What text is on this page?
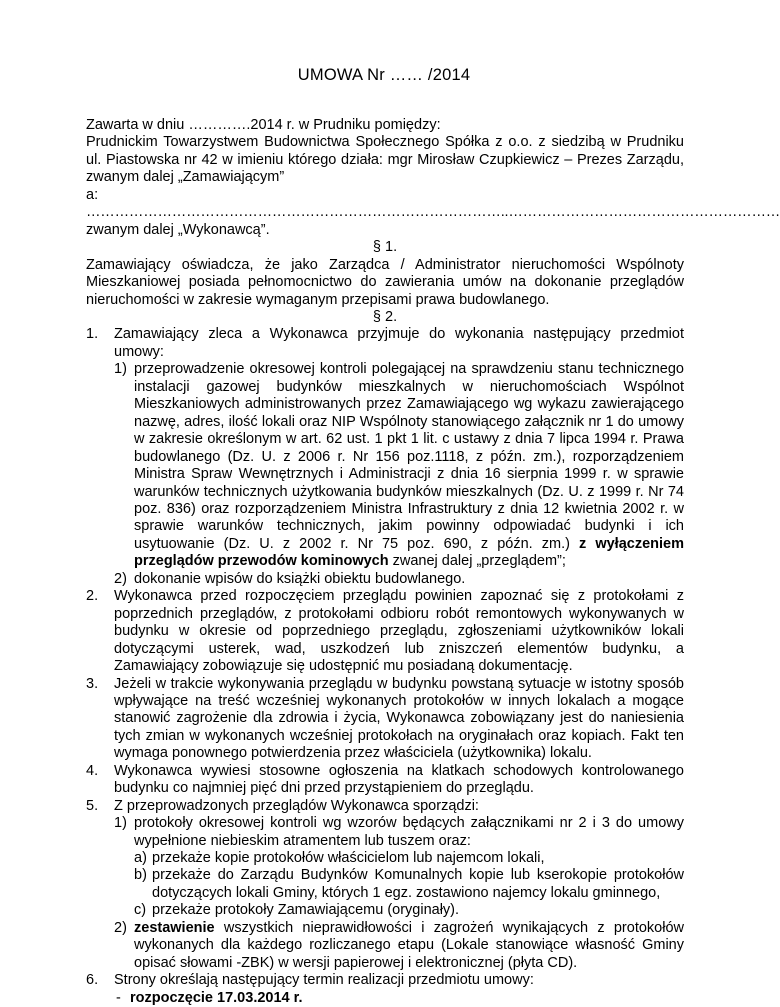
UMOWA Nr …… /2014
Zawarta w dniu ………….2014 r. w Prudniku pomiędzy:
Prudnickim Towarzystwem Budownictwa Społecznego Spółka z o.o. z siedzibą w Prudniku ul. Piastowska nr 42 w imieniu którego działa: mgr Mirosław Czupkiewicz – Prezes Zarządu, zwanym dalej „Zamawiającym”
a:
……………………………………………………………………………..…………………………………………………
zwanym dalej „Wykonawcą”.
§ 1.
Zamawiający oświadcza, że jako Zarządca / Administrator nieruchomości Wspólnoty Mieszkaniowej posiada pełnomocnictwo do zawierania umów na dokonanie przeglądów nieruchomości w zakresie wymaganym przepisami prawa budowlanego.
§ 2.
1.	Zamawiający zleca a Wykonawca przyjmuje do wykonania następujący przedmiot umowy:
1) przeprowadzenie okresowej kontroli polegającej na sprawdzeniu stanu technicznego instalacji gazowej budynków mieszkalnych w nieruchomościach Wspólnot Mieszkaniowych administrowanych przez Zamawiającego wg wykazu zawierającego nazwę, adres, ilość lokali oraz NIP Wspólnoty stanowiącego załącznik nr 1 do umowy w zakresie określonym w art. 62 ust. 1 pkt 1 lit. c ustawy z dnia 7 lipca 1994 r. Prawa budowlanego (Dz. U. z 2006 r. Nr 156 poz.1118, z późn. zm.), rozporządzeniem Ministra Spraw Wewnętrznych i Administracji z dnia 16 sierpnia 1999 r. w sprawie warunków technicznych użytkowania budynków mieszkalnych (Dz. U. z 1999 r. Nr 74 poz. 836) oraz rozporządzeniem Ministra Infrastruktury z dnia 12 kwietnia 2002 r. w sprawie warunków technicznych, jakim powinny odpowiadać budynki i ich usytuowanie (Dz. U. z 2002 r. Nr 75 poz. 690, z późn. zm.) z wyłączeniem przeglądów przewodów kominowych zwanej dalej „przeglądem”;
2) dokonanie wpisów do książki obiektu budowlanego.
2.	Wykonawca przed rozpoczęciem przeglądu powinien zapoznać się z protokołami z poprzednich przeglądów, z protokołami odbioru robót remontowych wykonywanych w budynku w okresie od poprzedniego przeglądu, zgłoszeniami użytkowników lokali dotyczącymi usterek, wad, uszkodzeń lub zniszczeń elementów budynku, a Zamawiający zobowiązuje się udostępnić mu posiadaną dokumentację.
3.	Jeżeli w trakcie wykonywania przeglądu w budynku powstaną sytuacje w istotny sposób wpływające na treść wcześniej wykonanych protokołów w innych lokalach a mogące stanowić zagrożenie dla zdrowia i życia, Wykonawca zobowiązany jest do naniesienia tych zmian w wykonanych wcześniej protokołach na oryginałach oraz kopiach. Fakt ten wymaga ponownego potwierdzenia przez właściciela (użytkownika) lokalu.
4.	Wykonawca wywiesi stosowne ogłoszenia na klatkach schodowych kontrolowanego budynku co najmniej pięć dni przed przystąpieniem do przeglądu.
5.	Z przeprowadzonych przeglądów Wykonawca sporządzi:
1) protokoły okresowej kontroli wg wzorów będących załącznikami nr 2 i 3 do umowy wypełnione niebieskim atramentem lub tuszem oraz:
a) przekaże kopie protokołów właścicielom lub najemcom lokali,
b) przekaże do Zarządu Budynków Komunalnych kopie lub kserokopie protokołów dotyczących lokali Gminy, których 1 egz. zostawiono najemcy lokalu gminnego,
c) przekaże protokoły Zamawiającemu (oryginały).
2) zestawienie wszystkich nieprawidłowości i zagrożeń wynikających z protokołów wykonanych dla każdego rozliczanego etapu (Lokale stanowiące własność Gminy opisać słowami -ZBK) w wersji papierowej i elektronicznej (płyta CD).
6.	Strony określają następujący termin realizacji przedmiotu umowy:
- rozpoczęcie 17.03.2014 r.
